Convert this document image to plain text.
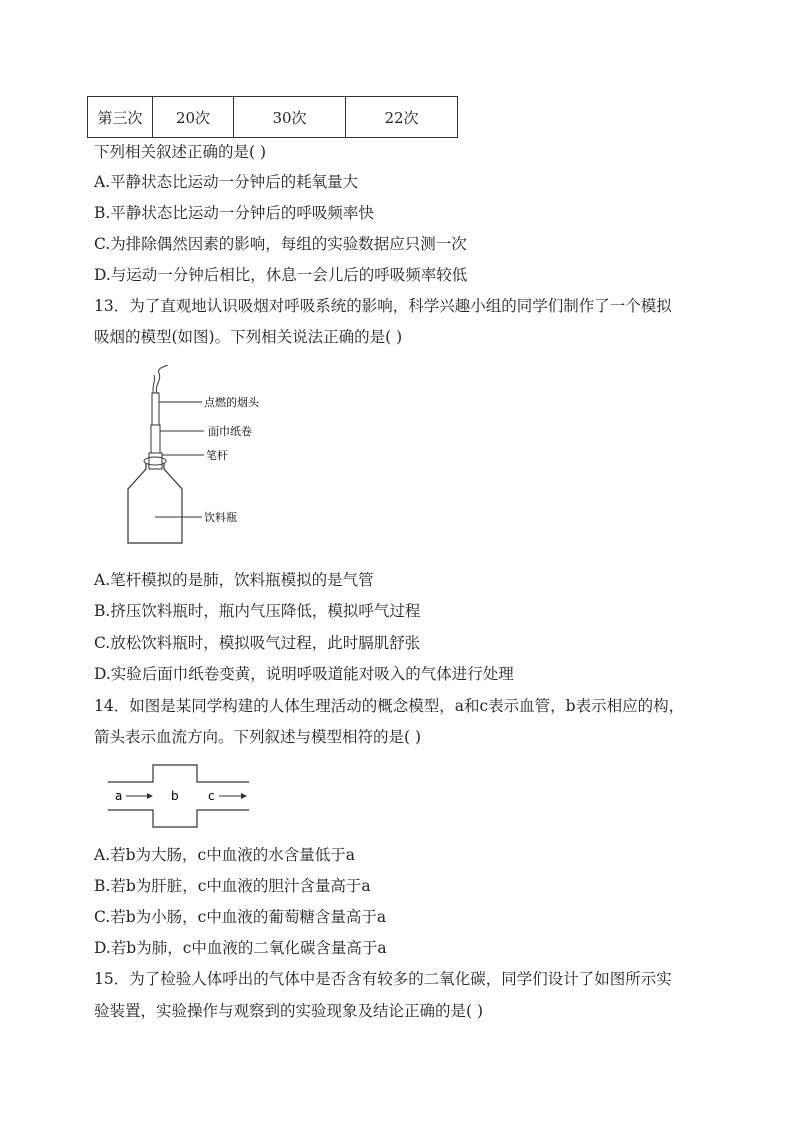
第三次	20次	30次	22次
下列相关叙述正确的是( )
A.平静状态比运动一分钟后的耗氧量大
B.平静状态比运动一分钟后的呼吸频率快
C.为排除偶然因素的影响，每组的实验数据应只测一次
D.与运动一分钟后相比，休息一会儿后的呼吸频率较低
13．为了直观地认识吸烟对呼吸系统的影响，科学兴趣小组的同学们制作了一个模拟
吸烟的模型(如图)。下列相关说法正确的是( )
点燃的烟头
面巾纸卷
笔杆
饮料瓶
A.笔杆模拟的是肺，饮料瓶模拟的是气管
B.挤压饮料瓶时，瓶内气压降低，模拟呼气过程
C.放松饮料瓶时，模拟吸气过程，此时膈肌舒张
D.实验后面巾纸卷变黄，说明呼吸道能对吸入的气体进行处理
14．如图是某同学构建的人体生理活动的概念模型，a和c表示血管，b表示相应的构，
箭头表示血流方向。下列叙述与模型相符的是( )
a	b c
A.若b为大肠，c中血液的水含量低于a
B.若b为肝脏，c中血液的胆汁含量高于a
C.若b为小肠，c中血液的葡萄糖含量高于a
D.若b为肺，c中血液的二氧化碳含量高于a
15．为了检验人体呼出的气体中是否含有较多的二氧化碳，同学们设计了如图所示实
验装置，实验操作与观察到的实验现象及结论正确的是( )
